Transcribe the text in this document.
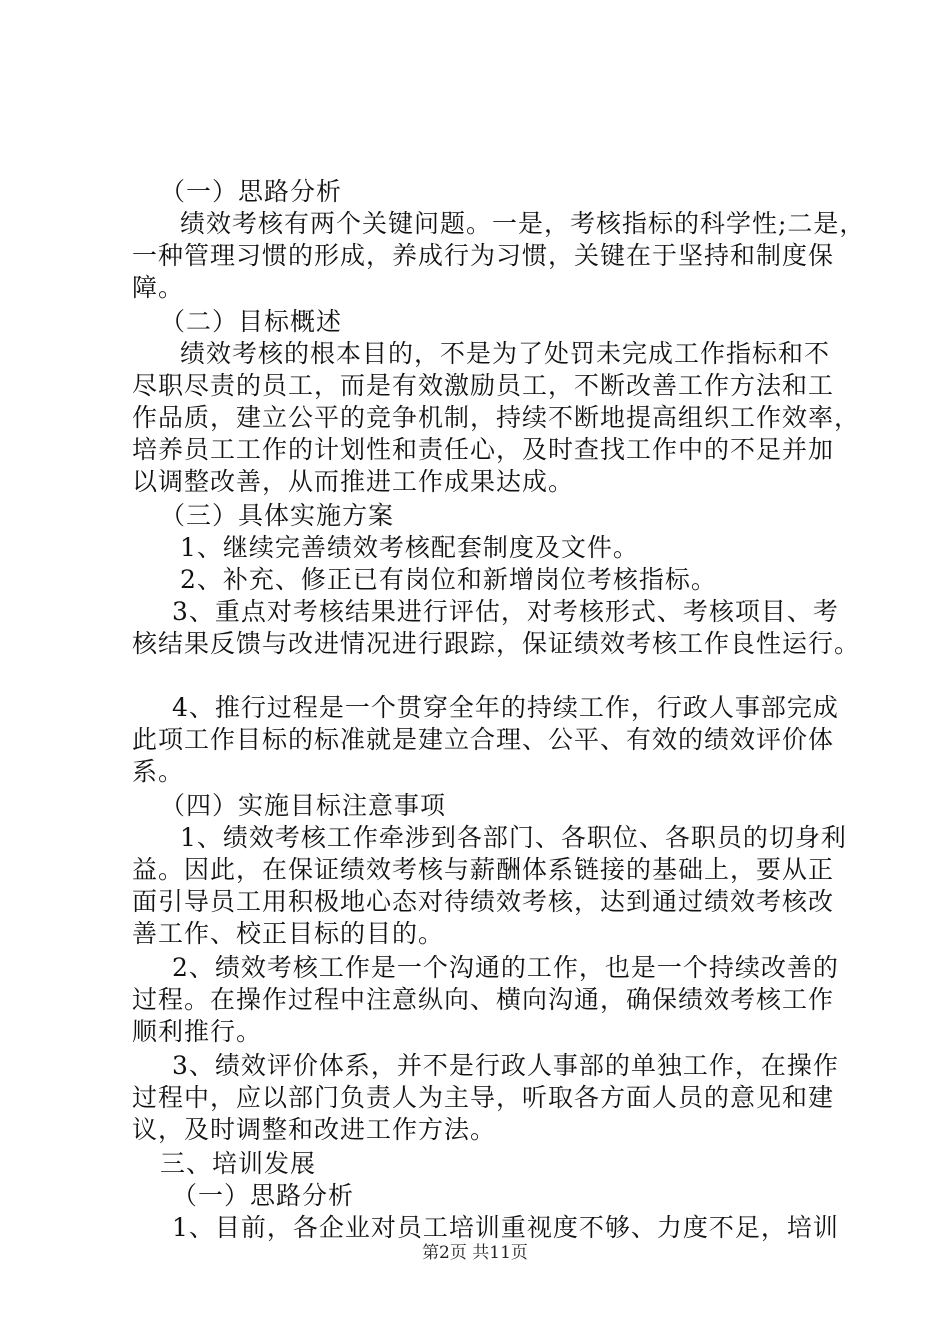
（一）思路分析
绩效考核有两个关键问题。一是，考核指标的科学性;二是，
一种管理习惯的形成，养成行为习惯，关键在于坚持和制度保
障。
（二）目标概述
绩效考核的根本目的，不是为了处罚未完成工作指标和不
尽职尽责的员工，而是有效激励员工，不断改善工作方法和工
作品质，建立公平的竞争机制，持续不断地提高组织工作效率，
培养员工工作的计划性和责任心，及时查找工作中的不足并加
以调整改善，从而推进工作成果达成。
（三）具体实施方案
1、继续完善绩效考核配套制度及文件。
2、补充、修正已有岗位和新增岗位考核指标。
3、重点对考核结果进行评估，对考核形式、考核项目、考
核结果反馈与改进情况进行跟踪，保证绩效考核工作良性运行。
4、推行过程是一个贯穿全年的持续工作，行政人事部完成
此项工作目标的标准就是建立合理、公平、有效的绩效评价体
系。
（四）实施目标注意事项
1、绩效考核工作牵涉到各部门、各职位、各职员的切身利
益。因此，在保证绩效考核与薪酬体系链接的基础上，要从正
面引导员工用积极地心态对待绩效考核，达到通过绩效考核改
善工作、校正目标的目的。
2、绩效考核工作是一个沟通的工作，也是一个持续改善的
过程。在操作过程中注意纵向、横向沟通，确保绩效考核工作
顺利推行。
3、绩效评价体系，并不是行政人事部的单独工作，在操作
过程中，应以部门负责人为主导，听取各方面人员的意见和建
议，及时调整和改进工作方法。
三、培训发展
（一）思路分析
1、目前，各企业对员工培训重视度不够、力度不足，培训
第2页 共11页
